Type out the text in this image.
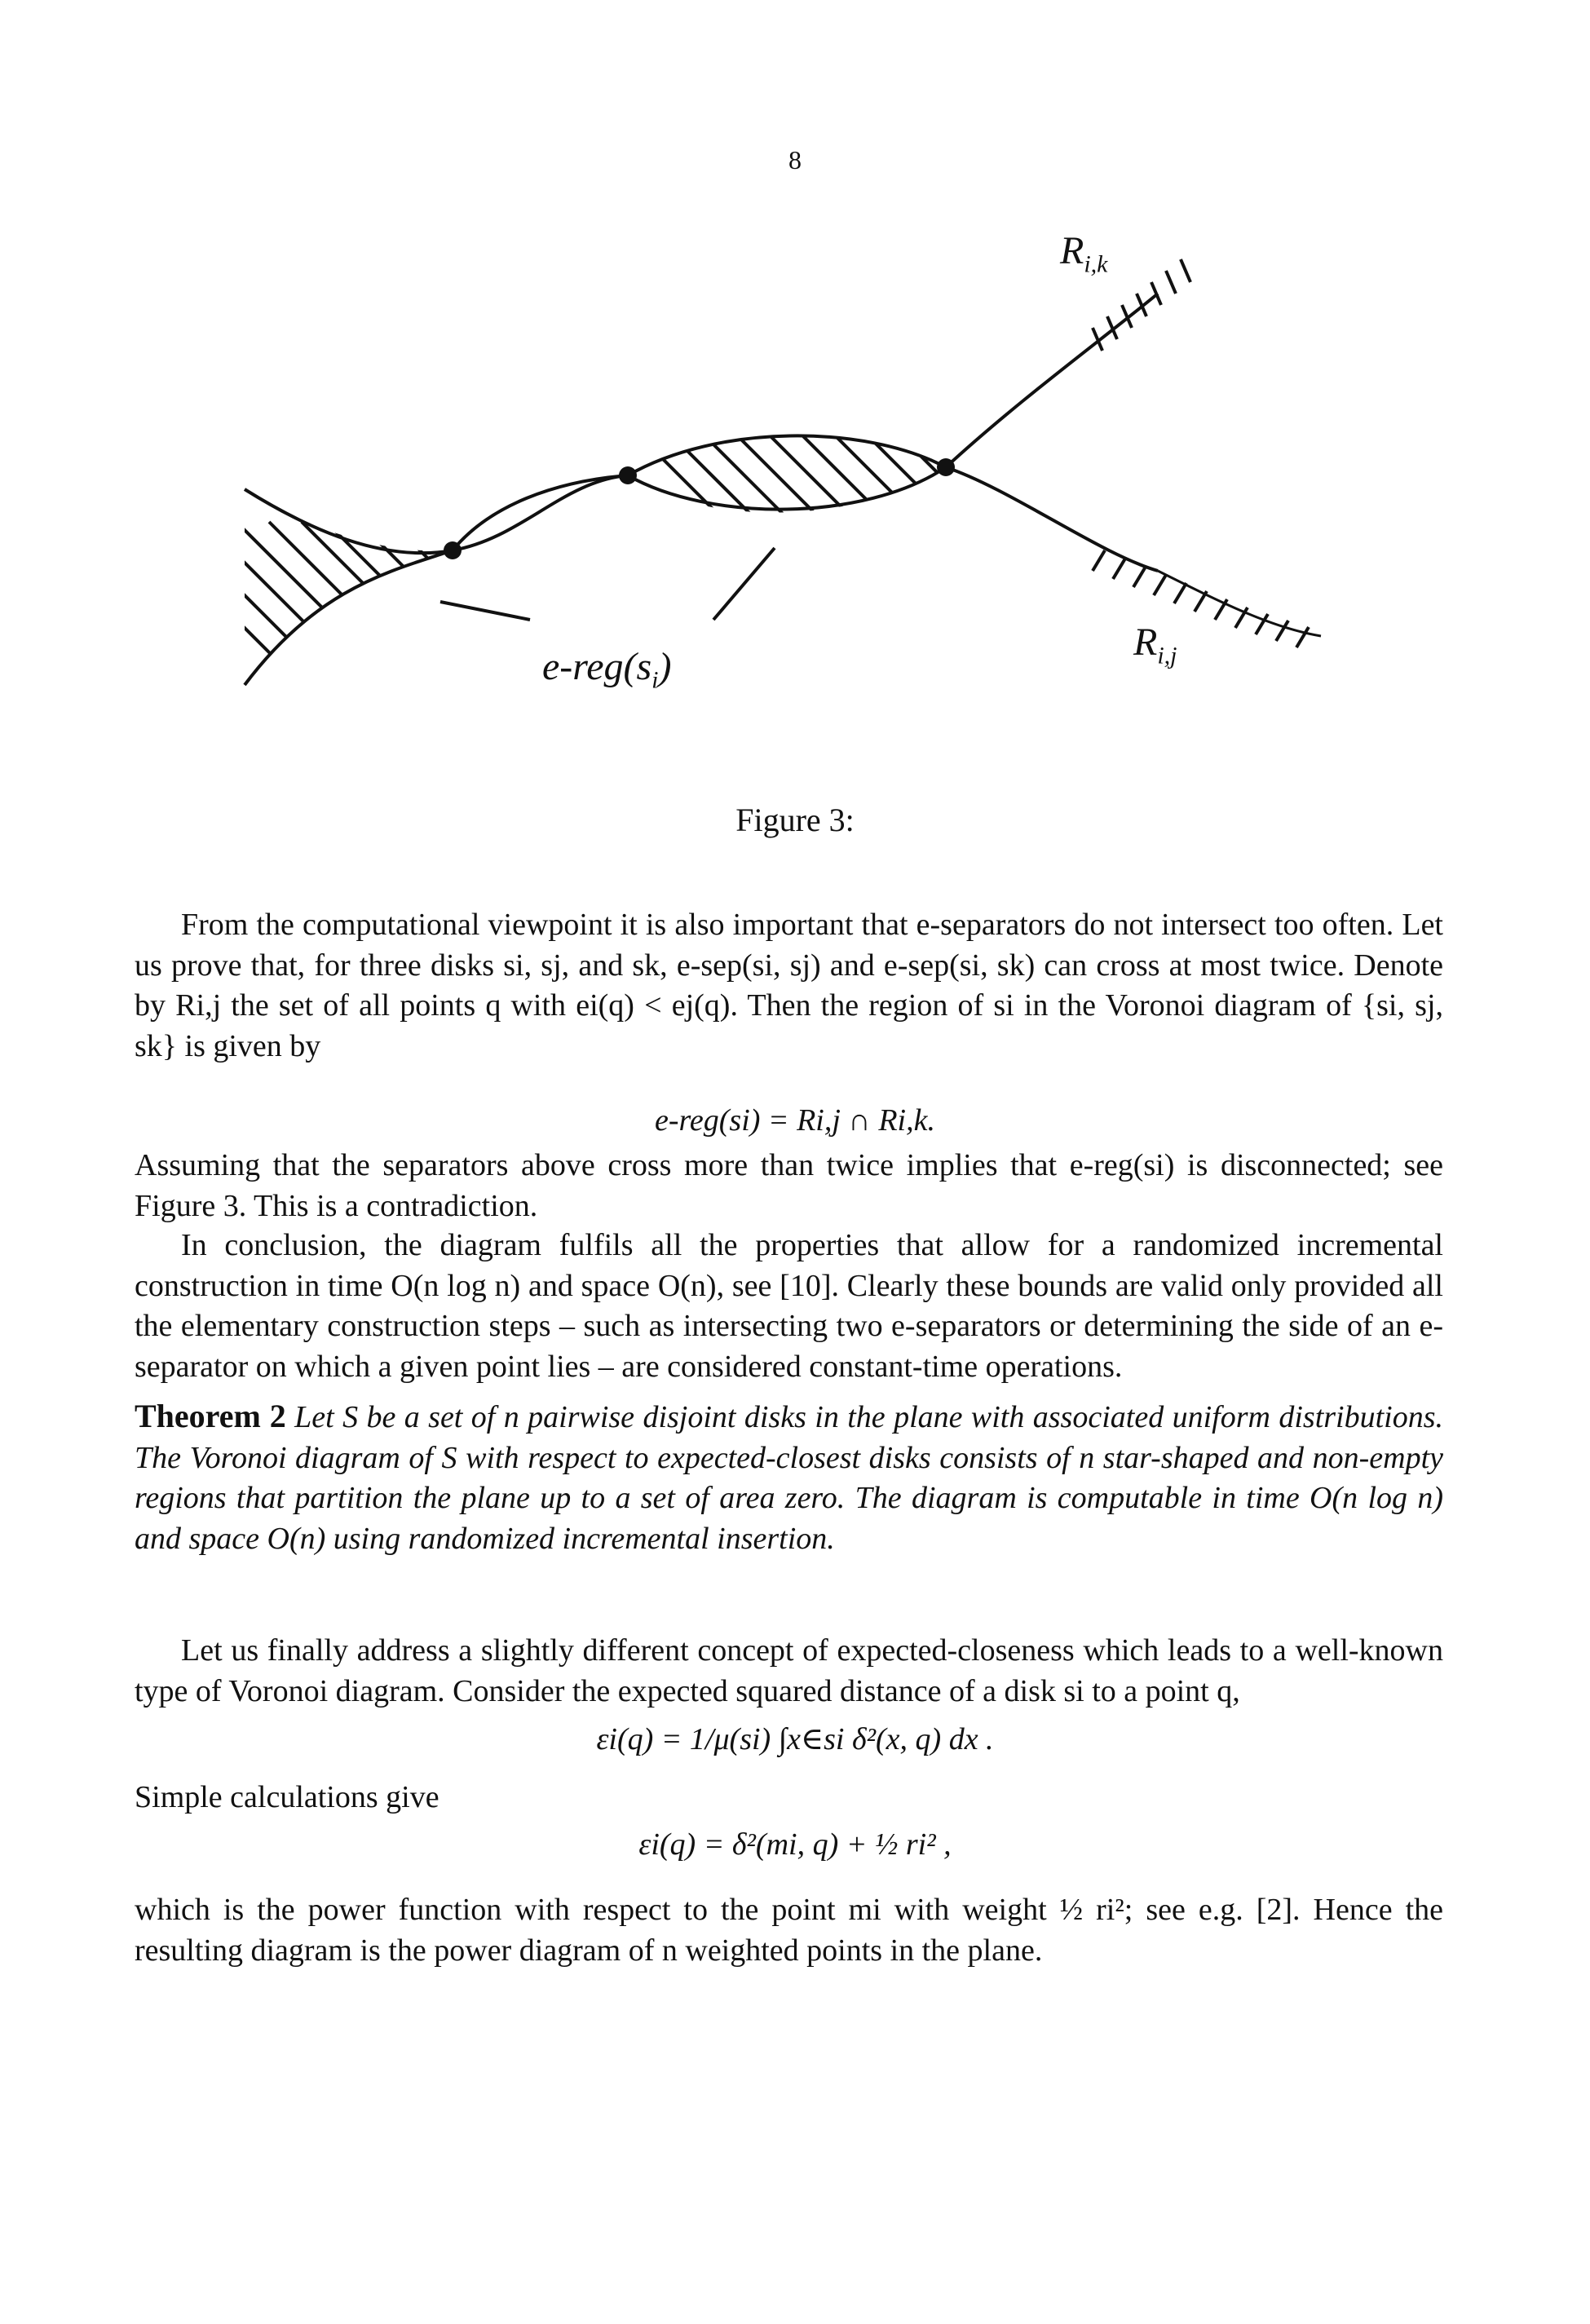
8
$R_{i,k}$
$R_{i,j}$
$e-reg(s_i)$
Figure 3:
From the computational viewpoint it is also important that e-separators do not intersect too often. Let us prove that, for three disks si, sj, and sk, e-sep(si, sj) and e-sep(si, sk) can cross at most twice. Denote by Ri,j the set of all points q with ei(q) < ej(q). Then the region of si in the Voronoi diagram of {si, sj, sk} is given by
e-reg(si) = Ri,j ∩ Ri,k.
Assuming that the separators above cross more than twice implies that e-reg(si) is disconnected; see Figure 3. This is a contradiction.
In conclusion, the diagram fulfils all the properties that allow for a randomized incremental construction in time O(n log n) and space O(n), see [10]. Clearly these bounds are valid only provided all the elementary construction steps – such as intersecting two e-separators or determining the side of an e-separator on which a given point lies – are considered constant-time operations.
Theorem 2 Let S be a set of n pairwise disjoint disks in the plane with associated uniform distributions. The Voronoi diagram of S with respect to expected-closest disks consists of n star-shaped and non-empty regions that partition the plane up to a set of area zero. The diagram is computable in time O(n log n) and space O(n) using randomized incremental insertion.
Let us finally address a slightly different concept of expected-closeness which leads to a well-known type of Voronoi diagram. Consider the expected squared distance of a disk si to a point q,
εi(q) = 1/μ(si) ∫x∈si δ²(x, q) dx .
Simple calculations give
εi(q) = δ²(mi, q) + ½ ri² ,
which is the power function with respect to the point mi with weight ½ ri²; see e.g. [2]. Hence the resulting diagram is the power diagram of n weighted points in the plane.
